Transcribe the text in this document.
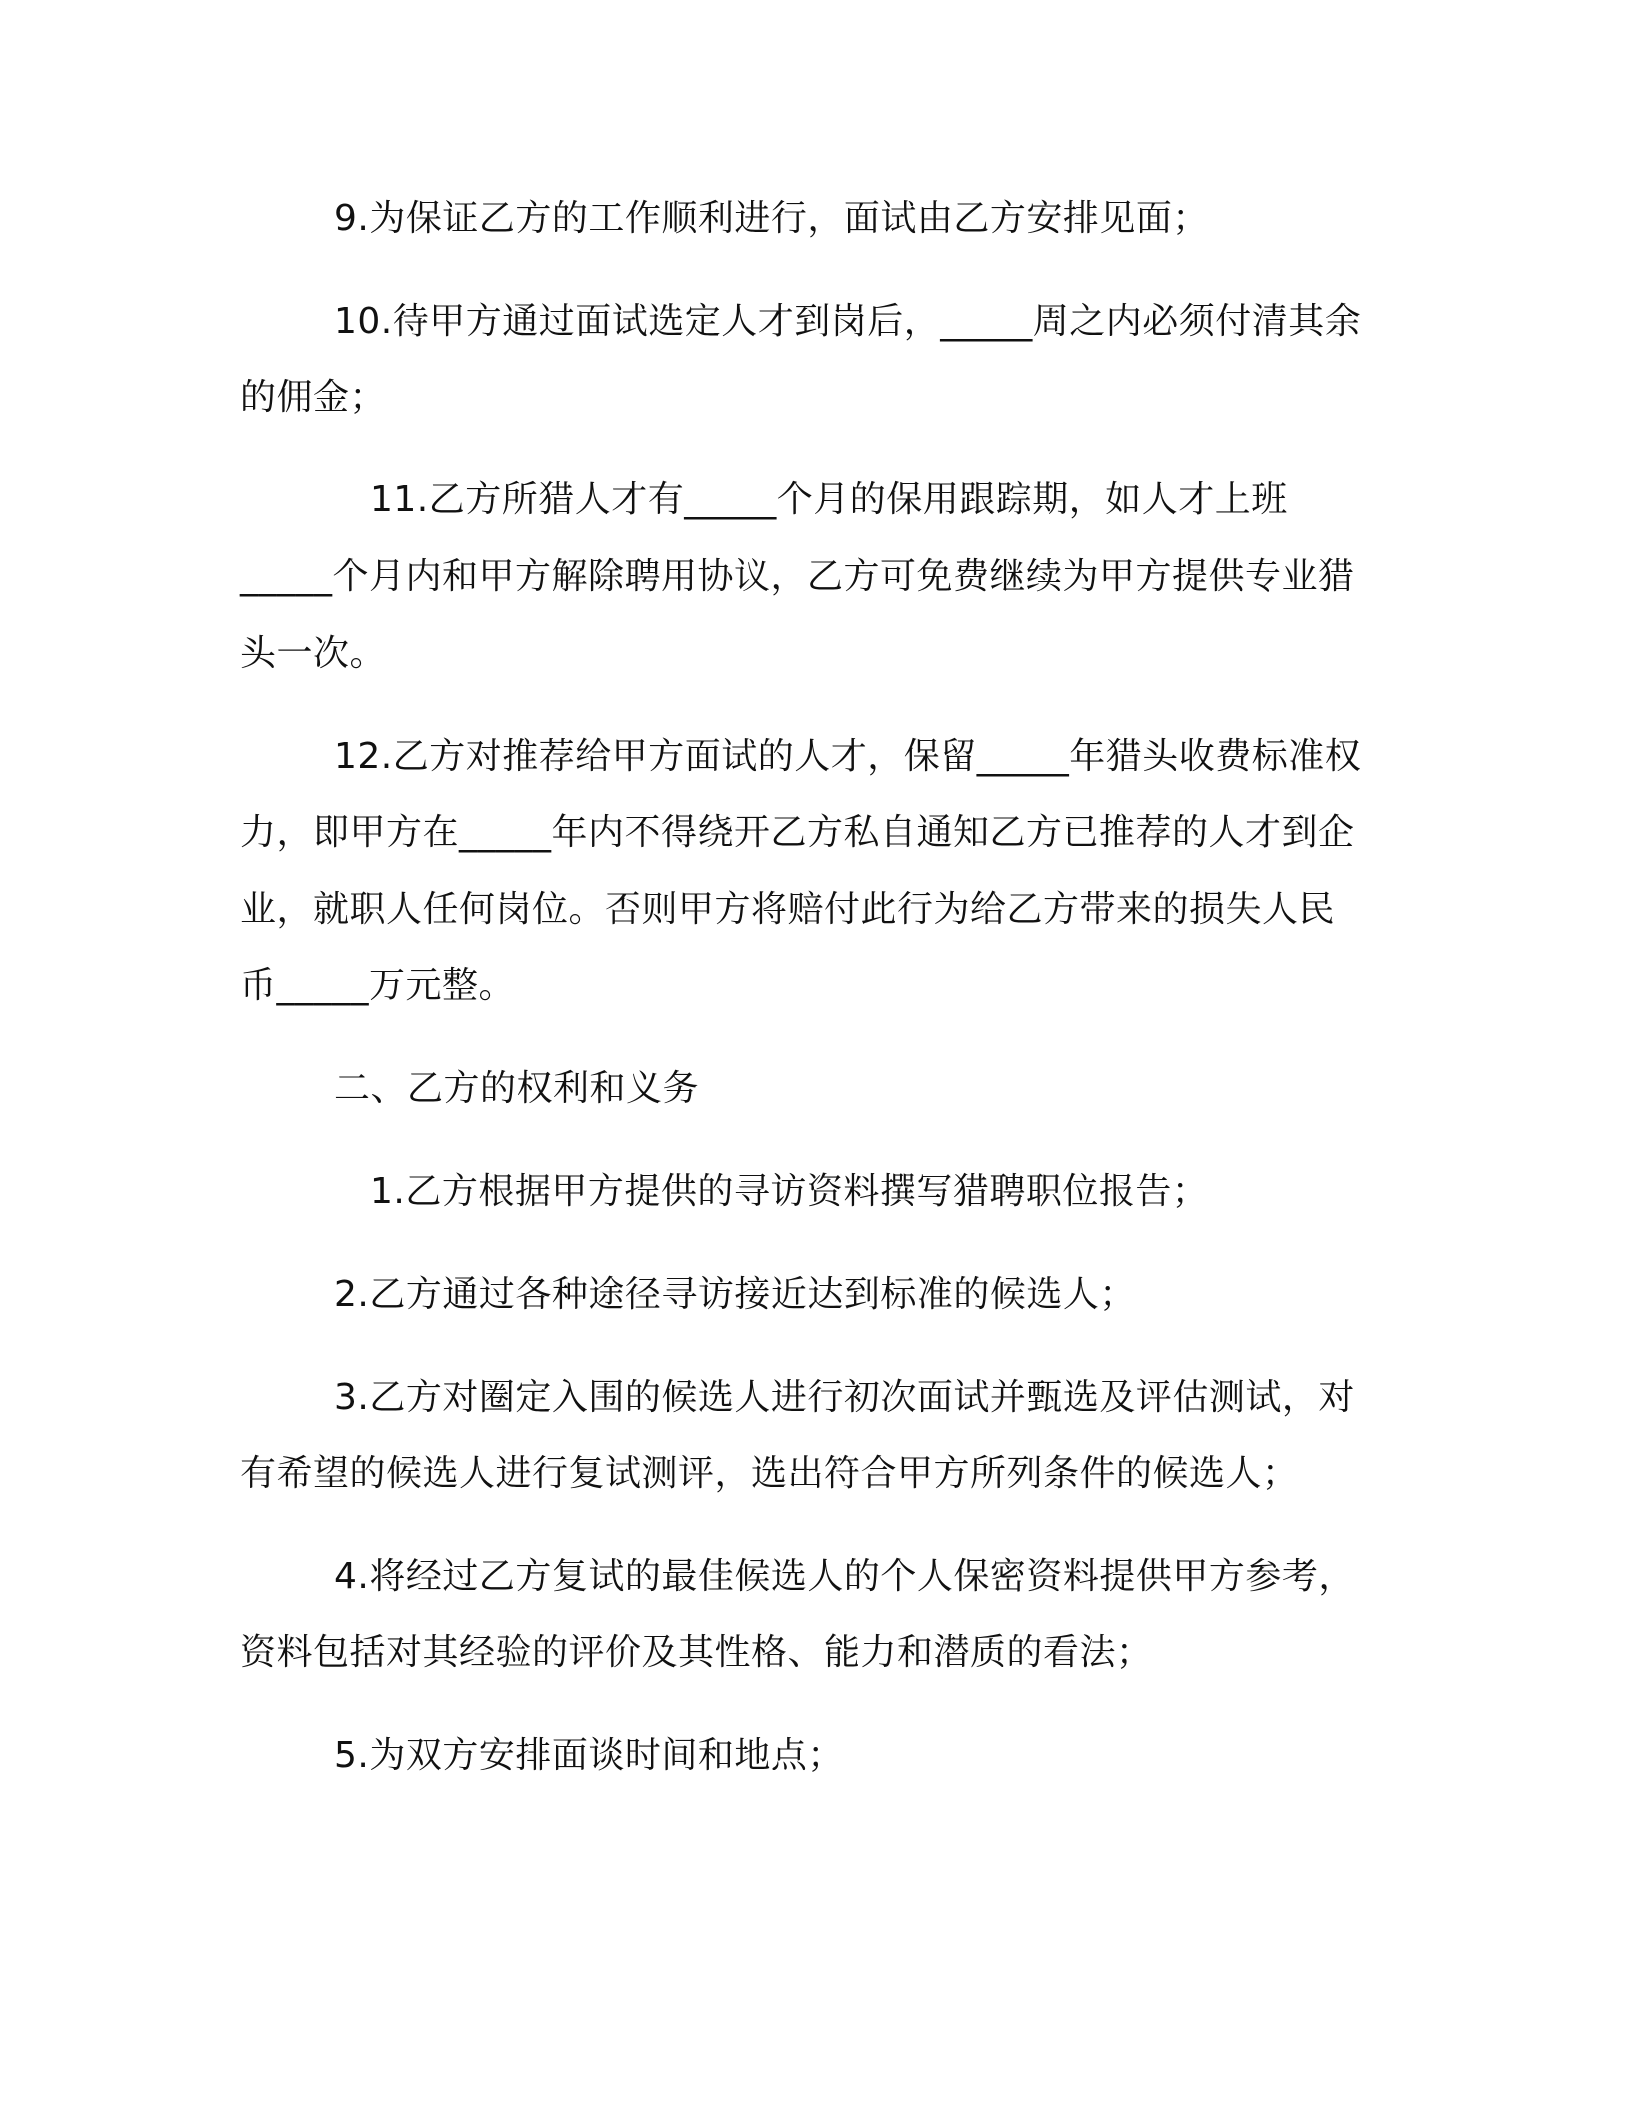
9.为保证乙方的工作顺利进行，面试由乙方安排见面；
10.待甲方通过面试选定人才到岗后，_____周之内必须付清其余
的佣金；
11.乙方所猎人才有_____个月的保用跟踪期，如人才上班
_____个月内和甲方解除聘用协议，乙方可免费继续为甲方提供专业猎
头一次。
12.乙方对推荐给甲方面试的人才，保留_____年猎头收费标准权
力，即甲方在_____年内不得绕开乙方私自通知乙方已推荐的人才到企
业，就职人任何岗位。否则甲方将赔付此行为给乙方带来的损失人民
币_____万元整。
二、乙方的权利和义务
1.乙方根据甲方提供的寻访资料撰写猎聘职位报告；
2.乙方通过各种途径寻访接近达到标准的候选人；
3.乙方对圈定入围的候选人进行初次面试并甄选及评估测试，对
有希望的候选人进行复试测评，选出符合甲方所列条件的候选人；
4.将经过乙方复试的最佳候选人的个人保密资料提供甲方参考，
资料包括对其经验的评价及其性格、能力和潜质的看法；
5.为双方安排面谈时间和地点；
